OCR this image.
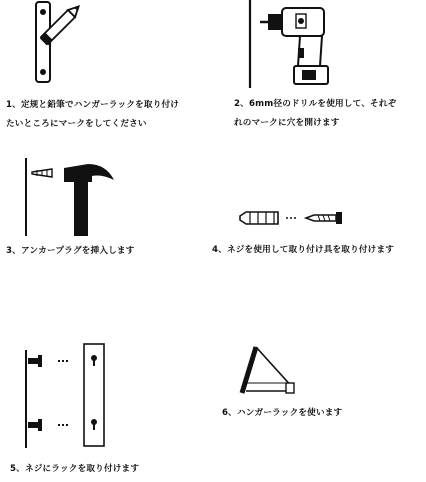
1、定规と鉛筆でハンガーラックを取り付け
たいところにマークをしてください
2、6mm径のドリルを使用して、それぞ
れのマークに穴を開けます
3、アンカープラグを挿入します	4、ネジを使用して取り付け具を取り付けます
5、ネジにラックを取り付けます
6、ハンガーラックを使います
